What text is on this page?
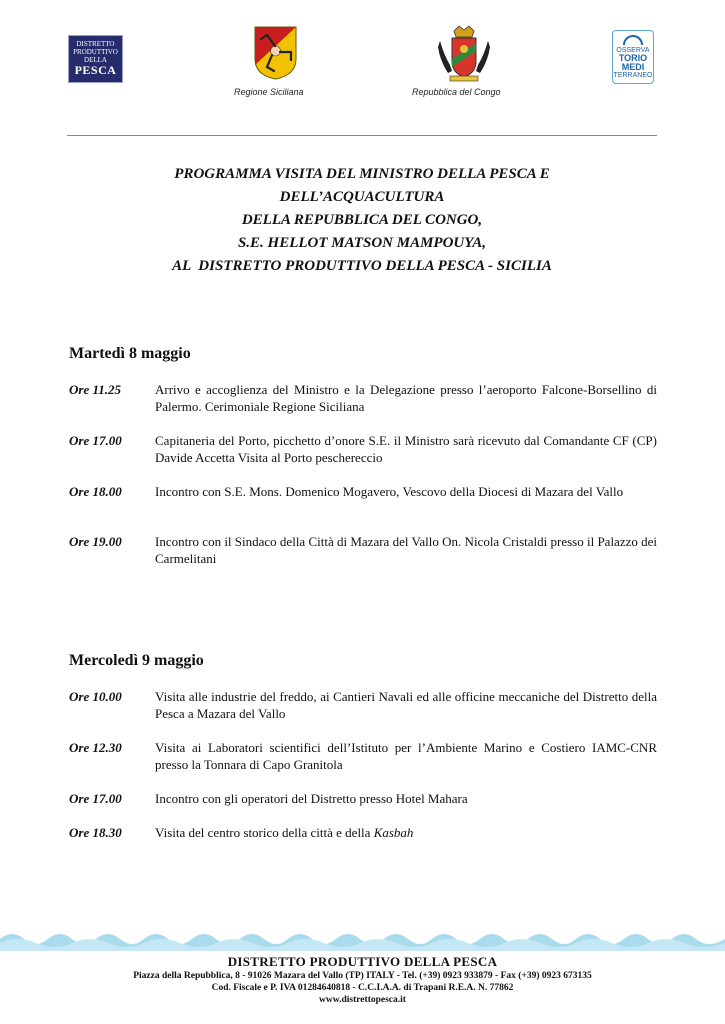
DISTRETTO
PRODUTTIVO
DELLA
PESCA
OSSERVA
TORIO
MEDI
TERRANEO
Regione Siciliana	Repubblica del Congo
PROGRAMMA VISITA DEL MINISTRO DELLA PESCA E
DELL’ACQUACULTURA
DELLA REPUBBLICA DEL CONGO,
S.E. HELLOT MATSON MAMPOUYA,
AL  DISTRETTO PRODUTTIVO DELLA PESCA - SICILIA
Martedì 8 maggio
Ore 11.25	Arrivo e accoglienza del Ministro e la Delegazione presso l’aeroporto Falcone-Borsellino di Palermo. Cerimoniale Regione Siciliana
Ore 17.00	Capitaneria del Porto, picchetto d’onore S.E. il Ministro sarà ricevuto dal Comandante CF (CP) Davide Accetta Visita al Porto peschereccio
Ore 18.00	Incontro con S.E. Mons. Domenico Mogavero, Vescovo della Diocesi di Mazara del Vallo
Ore 19.00	Incontro con il Sindaco della Città di Mazara del Vallo On. Nicola Cristaldi presso il Palazzo dei Carmelitani
Mercoledì 9 maggio
Ore 10.00	Visita alle industrie del freddo, ai Cantieri Navali ed alle officine meccaniche del Distretto della Pesca a Mazara del Vallo
Ore 12.30	Visita ai Laboratori scientifici dell’Istituto per l’Ambiente Marino e Costiero IAMC-CNR presso la Tonnara di Capo Granitola
Ore 17.00	Incontro con gli operatori del Distretto presso Hotel Mahara
Ore 18.30	Visita del centro storico della città e della Kasbah
DISTRETTO PRODUTTIVO DELLA PESCA
Piazza della Repubblica, 8 - 91026 Mazara del Vallo (TP) ITALY - Tel. (+39) 0923 933879 - Fax (+39) 0923 673135
Cod. Fiscale e P. IVA 01284640818 - C.C.I.A.A. di Trapani R.E.A. N. 77862
www.distrettopesca.it
